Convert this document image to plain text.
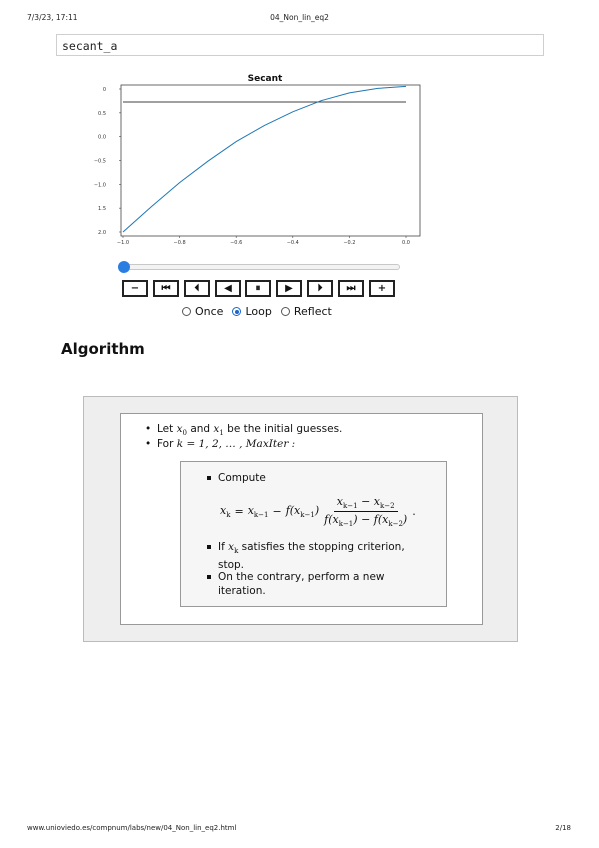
7/3/23, 17:11	04_Non_lin_eq2
secant_a
Secant
0
0.5
0.0
−0.5
−1.0
1.5
2.0
−1.0	−0.8	−0.6	−0.4	−0.2	0.0
−	⏮	⏴	◀	⏸	▶	⏵	⏭	+
Once Loop Reflect
Algorithm
• Let $x_0$ and $x_1$ be the initial guesses.
• For k = 1, 2, … , MaxIter :
Compute
$x_k = x_{k-1} - f(x_{k-1}) \frac{x_{k-1} - x_{k-2}}{f(x_{k-1}) - f(x_{k-2})}$ .
If $x_k$ satisfies the stopping criterion,
stop.
On the contrary, perform a new
iteration.
www.unioviedo.es/compnum/labs/new/04_Non_lin_eq2.html	2/18
